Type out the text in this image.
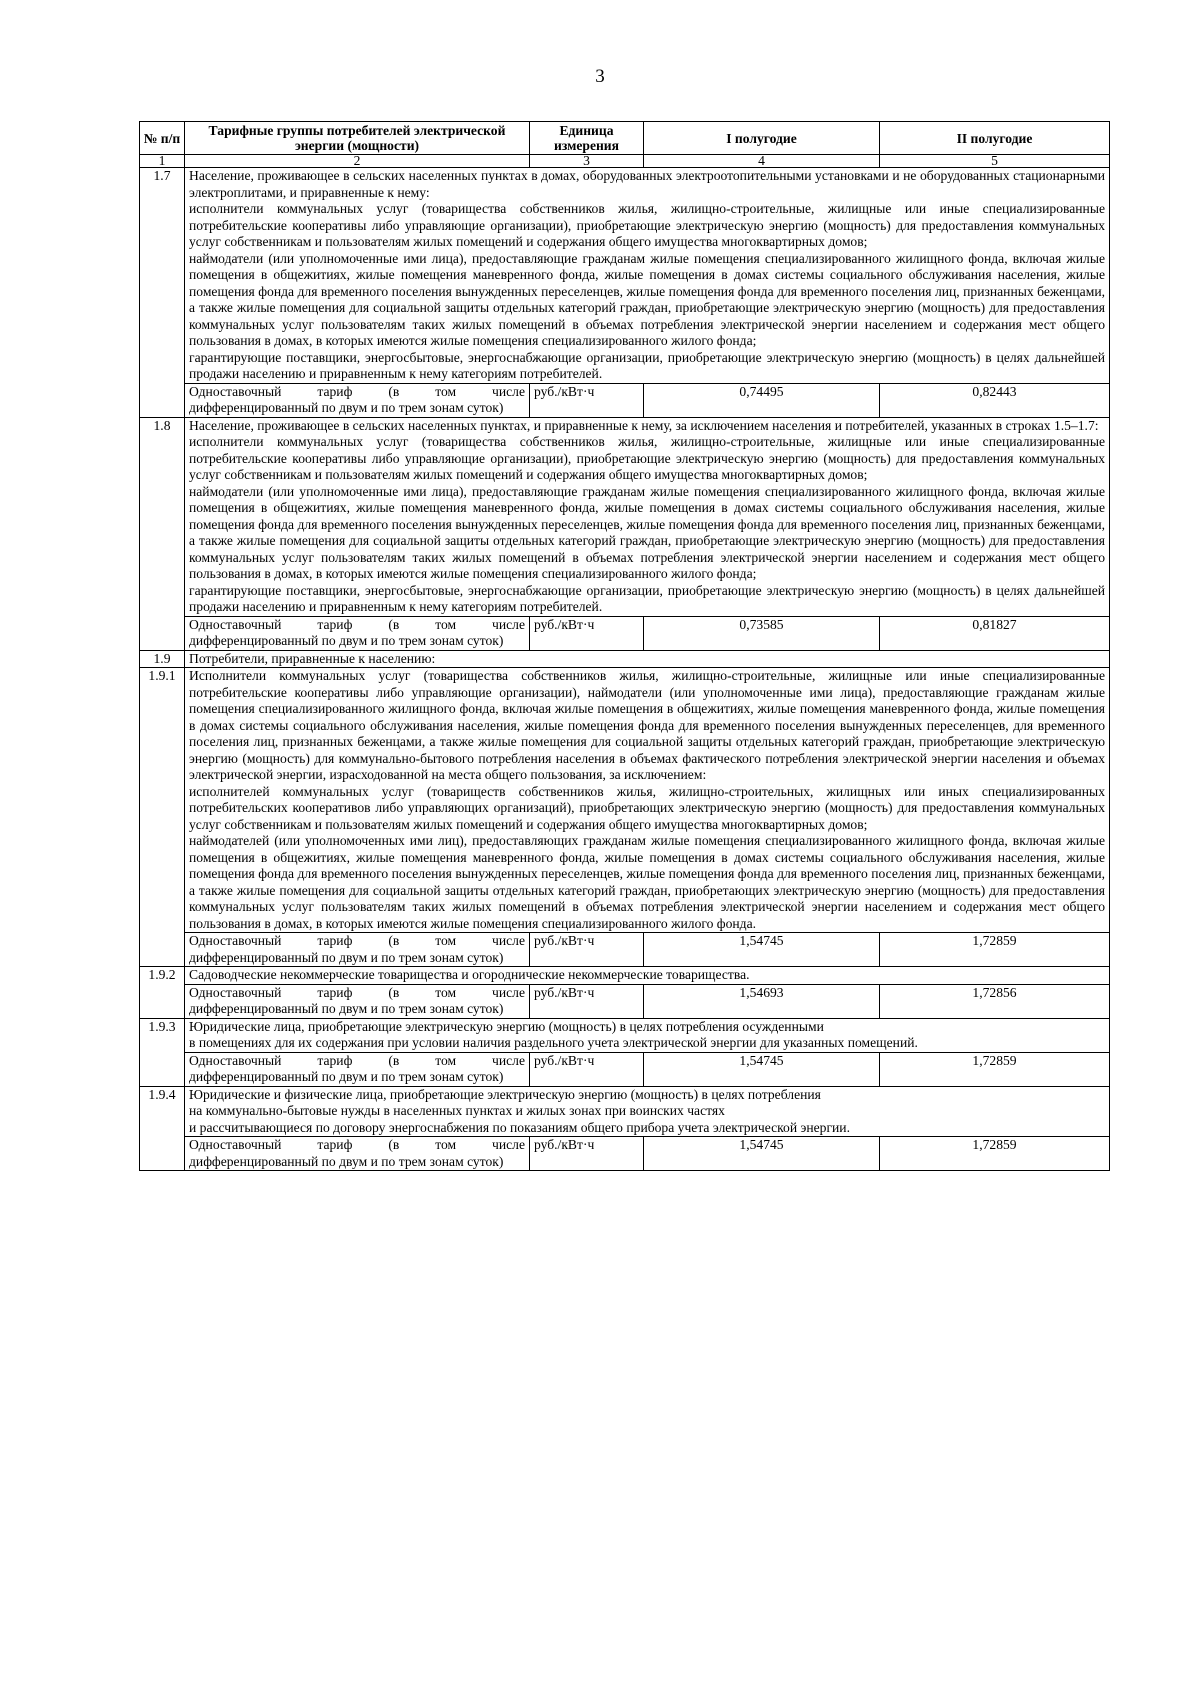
3
№ п/п	Тарифные группы потребителей электрической энергии (мощности)	Единица измерения	I полугодие	II полугодие
1	2	3	4	5
1.7	Население, проживающее в сельских населенных пунктах в домах, оборудованных электроотопительными установками и не оборудованных стационарными электроплитами, и приравненные к нему:

исполнители коммунальных услуг (товарищества собственников жилья, жилищно-строительные, жилищные или иные специализированные потребительские кооперативы либо управляющие организации), приобретающие электрическую энергию (мощность) для предоставления коммунальных услуг собственникам и пользователям жилых помещений и содержания общего имущества многоквартирных домов;

наймодатели (или уполномоченные ими лица), предоставляющие гражданам жилые помещения специализированного жилищного фонда, включая жилые помещения в общежитиях, жилые помещения маневренного фонда, жилые помещения в домах системы социального обслуживания населения, жилые помещения фонда для временного поселения вынужденных переселенцев, жилые помещения фонда для временного поселения лиц, признанных беженцами, а также жилые помещения для социальной защиты отдельных категорий граждан, приобретающие электрическую энергию (мощность) для предоставления коммунальных услуг пользователям таких жилых помещений в объемах потребления электрической энергии населением и содержания мест общего пользования в домах, в которых имеются жилые помещения специализированного жилого фонда;

гарантирующие поставщики, энергосбытовые, энергоснабжающие организации, приобретающие электрическую энергию (мощность) в целях дальнейшей продажи населению и приравненным к нему категориям потребителей.			

	Одноставочный тариф (в том числе дифференцированный по двум и по трем зонам суток)	руб./кВт·ч	0,74495	0,82443
1.8	Население, проживающее в сельских населенных пунктах, и приравненные к нему, за исключением населения и потребителей, указанных в строках 1.5–1.7:

исполнители коммунальных услуг (товарищества собственников жилья, жилищно-строительные, жилищные или иные специализированные потребительские кооперативы либо управляющие организации), приобретающие электрическую энергию (мощность) для предоставления коммунальных услуг собственникам и пользователям жилых помещений и содержания общего имущества многоквартирных домов;

наймодатели (или уполномоченные ими лица), предоставляющие гражданам жилые помещения специализированного жилищного фонда, включая жилые помещения в общежитиях, жилые помещения маневренного фонда, жилые помещения в домах системы социального обслуживания населения, жилые помещения фонда для временного поселения вынужденных переселенцев, жилые помещения фонда для временного поселения лиц, признанных беженцами, а также жилые помещения для социальной защиты отдельных категорий граждан, приобретающие электрическую энергию (мощность) для предоставления коммунальных услуг пользователям таких жилых помещений в объемах потребления электрической энергии населением и содержания мест общего пользования в домах, в которых имеются жилые помещения специализированного жилого фонда;

гарантирующие поставщики, энергосбытовые, энергоснабжающие организации, приобретающие электрическую энергию (мощность) в целях дальнейшей продажи населению и приравненным к нему категориям потребителей.			

	Одноставочный тариф (в том числе дифференцированный по двум и по трем зонам суток)	руб./кВт·ч	0,73585	0,81827
1.9	Потребители, приравненные к населению:			
1.9.1	Исполнители коммунальных услуг (товарищества собственников жилья, жилищно-строительные, жилищные или иные специализированные потребительские кооперативы либо управляющие организации), наймодатели (или уполномоченные ими лица), предоставляющие гражданам жилые помещения специализированного жилищного фонда, включая жилые помещения в общежитиях, жилые помещения маневренного фонда, жилые помещения в домах системы социального обслуживания населения, жилые помещения фонда для временного поселения вынужденных переселенцев, для временного поселения лиц, признанных беженцами, а также жилые помещения для социальной защиты отдельных категорий граждан, приобретающие электрическую энергию (мощность) для коммунально-бытового потребления населения в объемах фактического потребления электрической энергии населения и объемах электрической энергии, израсходованной на места общего пользования, за исключением:

исполнителей коммунальных услуг (товариществ собственников жилья, жилищно-строительных, жилищных или иных специализированных потребительских кооперативов либо управляющих организаций), приобретающих электрическую энергию (мощность) для предоставления коммунальных услуг собственникам и пользователям жилых помещений и содержания общего имущества многоквартирных домов;

наймодателей (или уполномоченных ими лиц), предоставляющих гражданам жилые помещения специализированного жилищного фонда, включая жилые помещения в общежитиях, жилые помещения маневренного фонда, жилые помещения в домах системы социального обслуживания населения, жилые помещения фонда для временного поселения вынужденных переселенцев, жилые помещения фонда для временного поселения лиц, признанных беженцами, а также жилые помещения для социальной защиты отдельных категорий граждан, приобретающих электрическую энергию (мощность) для предоставления коммунальных услуг пользователям таких жилых помещений в объемах потребления электрической энергии населением и содержания мест общего пользования в домах, в которых имеются жилые помещения специализированного жилого фонда.			

	Одноставочный тариф (в том числе дифференцированный по двум и по трем зонам суток)	руб./кВт·ч	1,54745	1,72859
1.9.2	Садоводческие некоммерческие товарищества и огороднические некоммерческие товарищества.			

	Одноставочный тариф (в том числе дифференцированный по двум и по трем зонам суток)	руб./кВт·ч	1,54693	1,72856
1.9.3	Юридические лица, приобретающие электрическую энергию (мощность) в целях потребления осужденными

в помещениях для их содержания при условии наличия раздельного учета электрической энергии для указанных помещений.			

	Одноставочный тариф (в том числе дифференцированный по двум и по трем зонам суток)	руб./кВт·ч	1,54745	1,72859
1.9.4	Юридические и физические лица, приобретающие электрическую энергию (мощность) в целях потребления

на коммунально-бытовые нужды в населенных пунктах и жилых зонах при воинских частях

и рассчитывающиеся по договору энергоснабжения по показаниям общего прибора учета электрической энергии.			

	Одноставочный тариф (в том числе дифференцированный по двум и по трем зонам суток)	руб./кВт·ч	1,54745	1,72859
